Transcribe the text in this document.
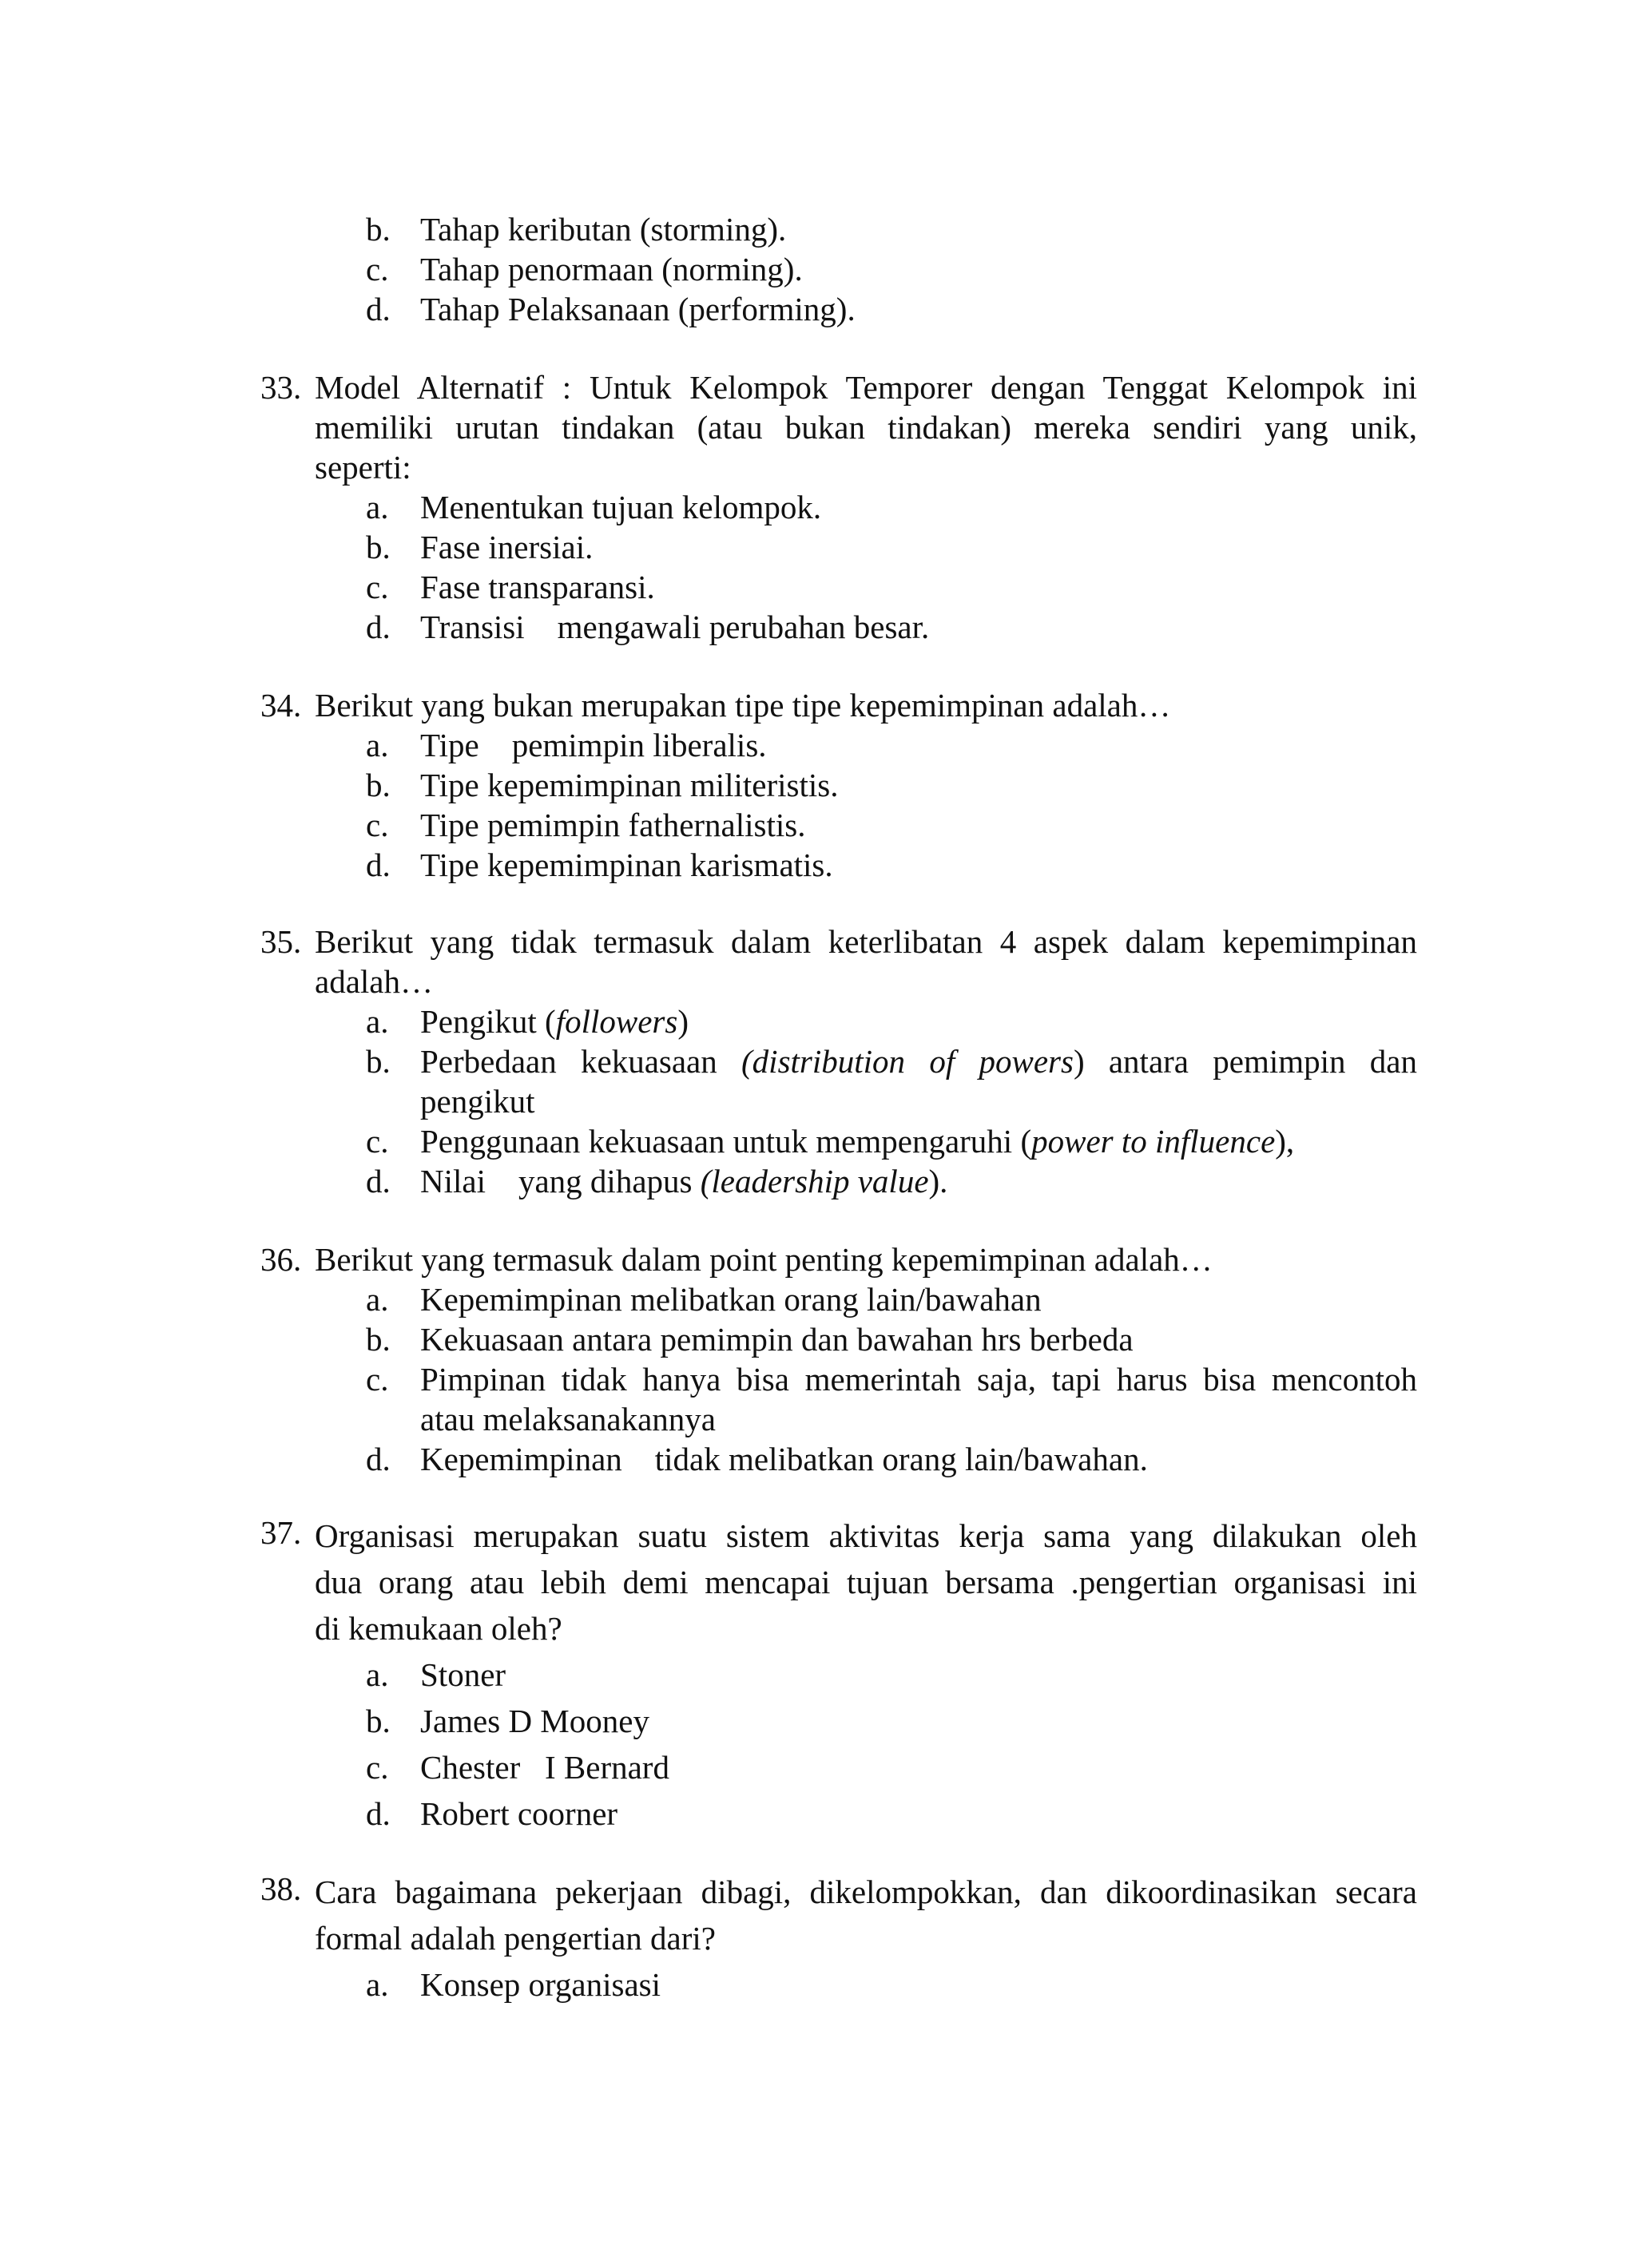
b. Tahap keributan (storming).
c. Tahap penormaan (norming).
d. Tahap Pelaksanaan (performing).
33. Model Alternatif : Untuk Kelompok Temporer dengan Tenggat Kelompok ini
memiliki urutan tindakan (atau bukan tindakan) mereka sendiri yang unik,
seperti:
a. Menentukan tujuan kelompok.
b. Fase inersiai.
c. Fase transparansi.
d. Transisi    mengawali perubahan besar.
34. Berikut yang bukan merupakan tipe tipe kepemimpinan adalah…
a. Tipe    pemimpin liberalis.
b. Tipe kepemimpinan militeristis.
c. Tipe pemimpin fathernalistis.
d. Tipe kepemimpinan karismatis.
35. Berikut yang tidak termasuk dalam keterlibatan 4 aspek dalam kepemimpinan
adalah…
a. Pengikut (followers)
b. Perbedaan kekuasaan (distribution of powers) antara pemimpin dan
pengikut
c. Penggunaan kekuasaan untuk mempengaruhi (power to influence),
d. Nilai    yang dihapus (leadership value).
36. Berikut yang termasuk dalam point penting kepemimpinan adalah…
a. Kepemimpinan melibatkan orang lain/bawahan
b. Kekuasaan antara pemimpin dan bawahan hrs berbeda
c. Pimpinan tidak hanya bisa memerintah saja, tapi harus bisa mencontoh
atau melaksanakannya
d. Kepemimpinan    tidak melibatkan orang lain/bawahan.
37. Organisasi merupakan suatu sistem aktivitas kerja sama yang dilakukan oleh
dua orang atau lebih demi mencapai tujuan bersama .pengertian organisasi ini
di kemukaan oleh?
a. Stoner
b. James D Mooney
c. Chester   I Bernard
d. Robert coorner
38. Cara bagaimana pekerjaan dibagi, dikelompokkan, dan dikoordinasikan secara
formal adalah pengertian dari?
a. Konsep organisasi
